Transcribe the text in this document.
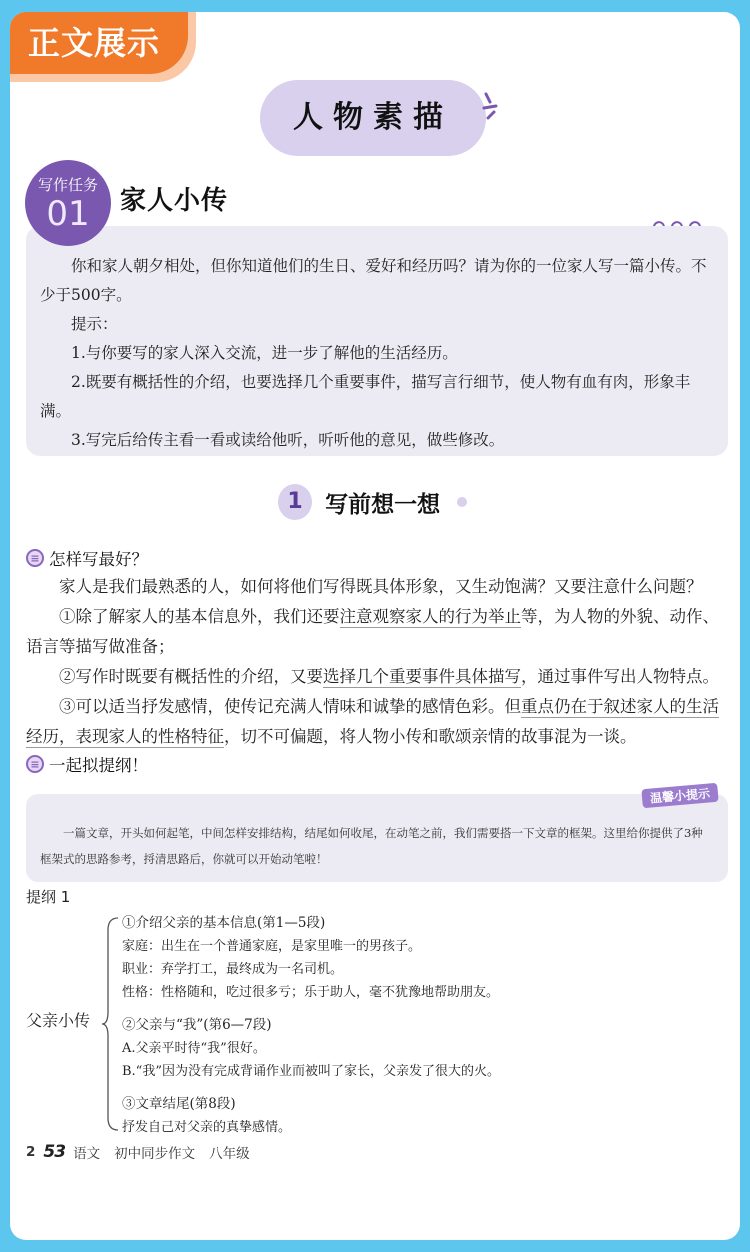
正文展示
人物素描
写作任务
01	家人小传

你和家人朝夕相处，但你知道他们的生日、爱好和经历吗？请为你的一位家人写一篇小传。不少于500字。

提示：

1.与你要写的家人深入交流，进一步了解他的生活经历。

2.既要有概括性的介绍，也要选择几个重要事件，描写言行细节，使人物有血有肉，形象丰满。

3.写完后给传主看一看或读给他听，听听他的意见，做些修改。

1 写前想一想
≡ 怎样写最好？

家人是我们最熟悉的人，如何将他们写得既具体形象，又生动饱满？又要注意什么问题？

①除了解家人的基本信息外，我们还要注意观察家人的行为举止等，为人物的外貌、动作、语言等描写做准备；

②写作时既要有概括性的介绍，又要选择几个重要事件具体描写，通过事件写出人物特点。

③可以适当抒发感情，使传记充满人情味和诚挚的感情色彩。但重点仍在于叙述家人的生活经历，表现家人的性格特征，切不可偏题，将人物小传和歌颂亲情的故事混为一谈。

≡ 一起拟提纲！
温馨小提示

一篇文章，开头如何起笔，中间怎样安排结构，结尾如何收尾，在动笔之前，我们需要搭一下文章的框架。这里给你提供了3种框架式的思路参考，捋清思路后，你就可以开始动笔啦！

提纲 1
父亲小传
①介绍父亲的基本信息(第1—5段)
家庭：出生在一个普通家庭，是家里唯一的男孩子。
职业：弃学打工，最终成为一名司机。
性格：性格随和，吃过很多亏；乐于助人，毫不犹豫地帮助朋友。
②父亲与“我”(第6—7段)
A.父亲平时待“我”很好。
B.“我”因为没有完成背诵作业而被叫了家长，父亲发了很大的火。
③文章结尾(第8段)
抒发自己对父亲的真挚感情。
2 53 语文 初中同步作文 八年级
